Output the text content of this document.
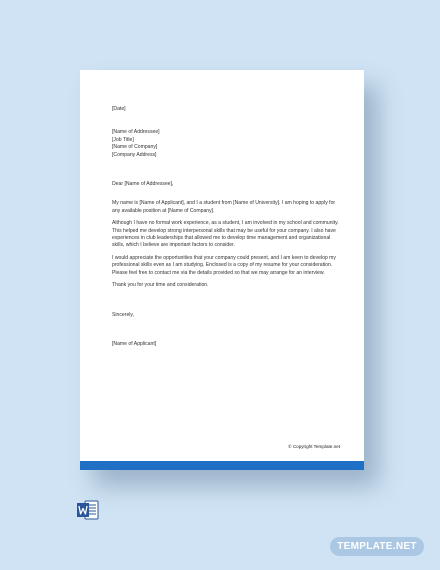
[Date]
[Name of Addressee]
[Job Title]
[Name of Company]
[Company Address]
Dear [Name of Addressee],
My name is [Name of Applicant], and I a student from [Name of University]. I am hoping to apply for
any available position at [Name of Company].
Although I have no formal work experience, as a student, I am involved in my school and community.
This helped me develop strong interpersonal skills that may be useful for your company. I also have
experiences in club leaderships that allowed me to develop time management and organizational
skills, which I believe are important factors to consider.
I would appreciate the opportunities that your company could present, and I am keen to develop my
professional skills even as I am studying. Enclosed is a copy of my resume for your consideration.
Please feel free to contact me via the details provided so that we may arrange for an interview.
Thank you for your time and consideration.
Sincerely,
[Name of Applicant]
© Copyright Template.net
TEMPLATE.NET
